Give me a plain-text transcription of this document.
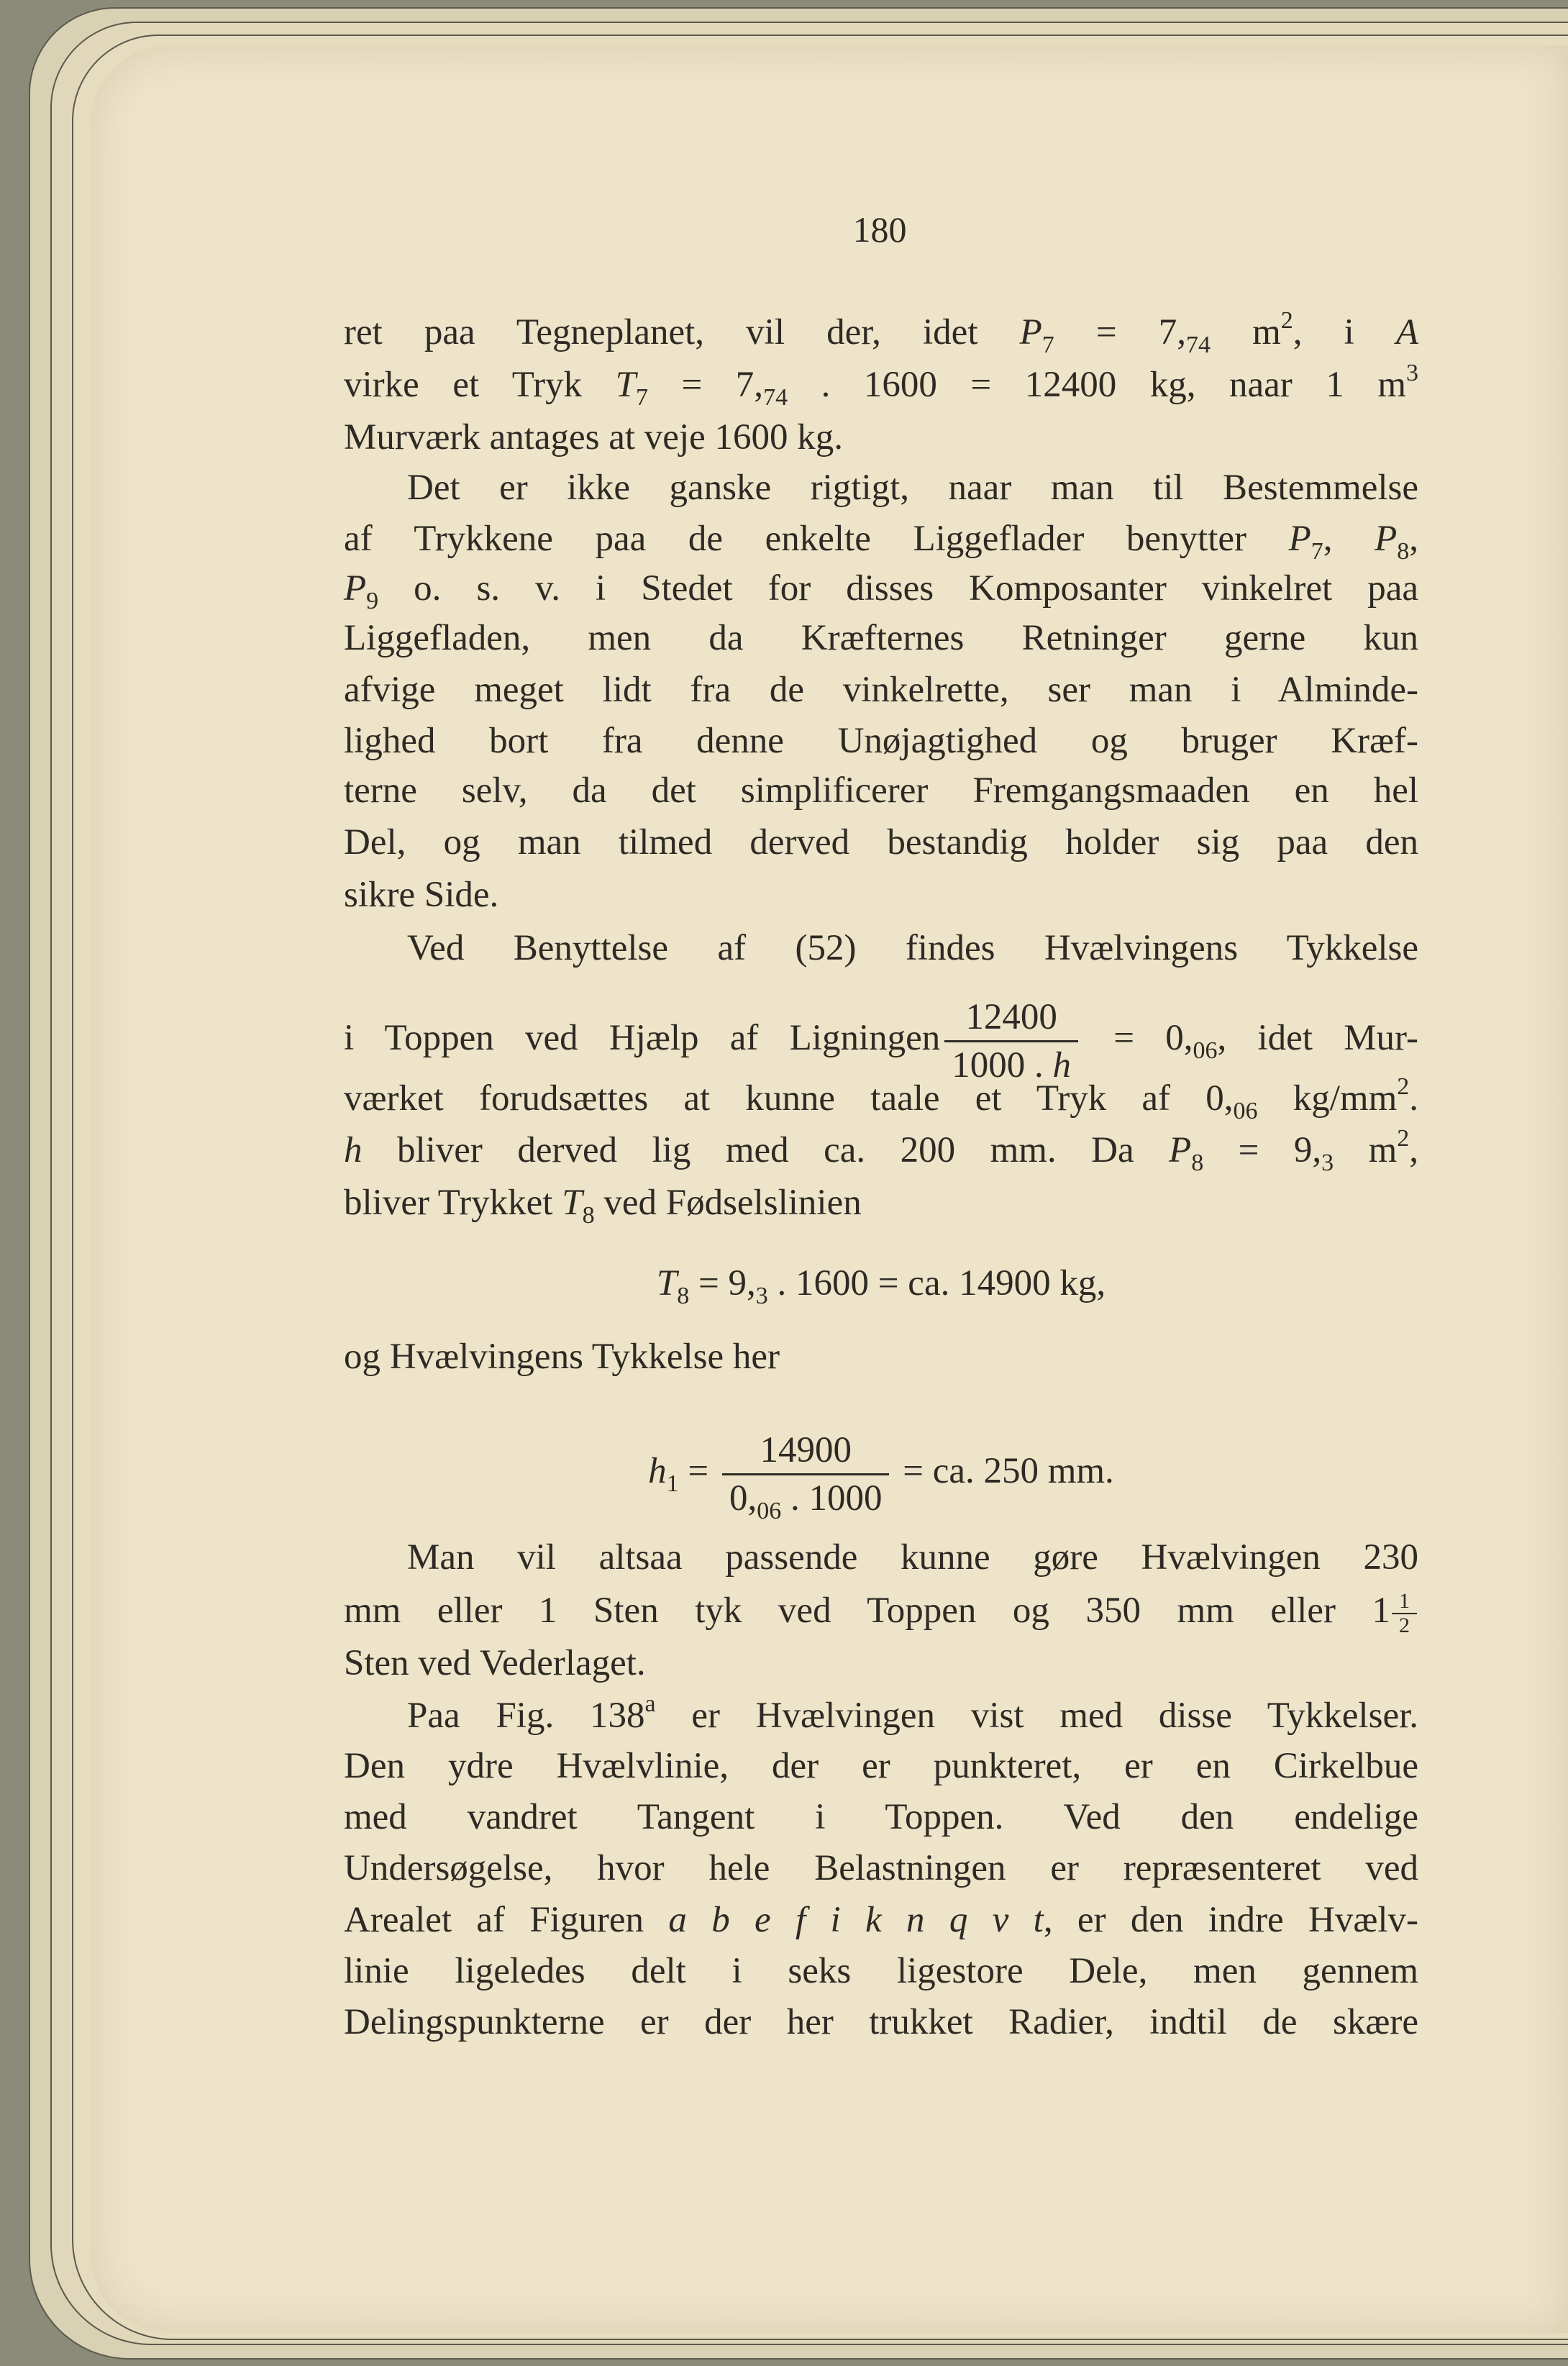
180
ret paa Tegneplanet, vil der, idet $P_7 = 7,_{74}$ $m^2$, i A
virke et Tryk $T_7 = 7,_{74}$ . 1600 = 12400 kg, naar 1 $m^3$
Murværk antages at veje 1600 kg.
Det er ikke ganske rigtigt, naar man til Bestemmelse
af Trykkene paa de enkelte Liggeflader benytter $P_7$, $P_8$,
$P_9$ o. s. v. i Stedet for disses Komposanter vinkelret paa
Liggefladen, men da Kræfternes Retninger gerne kun
afvige meget lidt fra de vinkelrette, ser man i Alminde-
lighed bort fra denne Unøjagtighed og bruger Kræf-
terne selv, da det simplificerer Fremgangsmaaden en hel
Del, og man tilmed derved bestandig holder sig paa den
sikre Side.
Ved Benyttelse af (52) findes Hvælvingens Tykkelse
i Toppen ved Hjælp af Ligningen $\frac{12400}{1000 . h} = 0,_{06}$, idet Mur-
værket forudsættes at kunne taale et Tryk af $0,_{06}$ $kg/mm^2$.
h bliver derved lig med ca. 200 mm. Da $P_8 = 9,_3$ $m^2$,
bliver Trykket $T_8$ ved Fødselslinien
$T_8 = 9,_3$ . 1600 = ca. 14900 kg,
og Hvælvingens Tykkelse her
$h_1 = \frac{14900}{0,_{06} . 1000}$ = ca. 250 mm.
Man vil altsaa passende kunne gøre Hvælvingen 230
mm eller 1 Sten tyk ved Toppen og 350 mm eller $1 \frac{1}{2}$
Sten ved Vederlaget.
Paa Fig. 138$^a$ er Hvælvingen vist med disse Tykkelser.
Den ydre Hvælvlinie, der er punkteret, er en Cirkelbue
med vandret Tangent i Toppen. Ved den endelige
Undersøgelse, hvor hele Belastningen er repræsenteret ved
Arealet af Figuren a b e f i k n q v t, er den indre Hvælv-
linie ligeledes delt i seks ligestore Dele, men gennem
Delingspunkterne er der her trukket Radier, indtil de skære
